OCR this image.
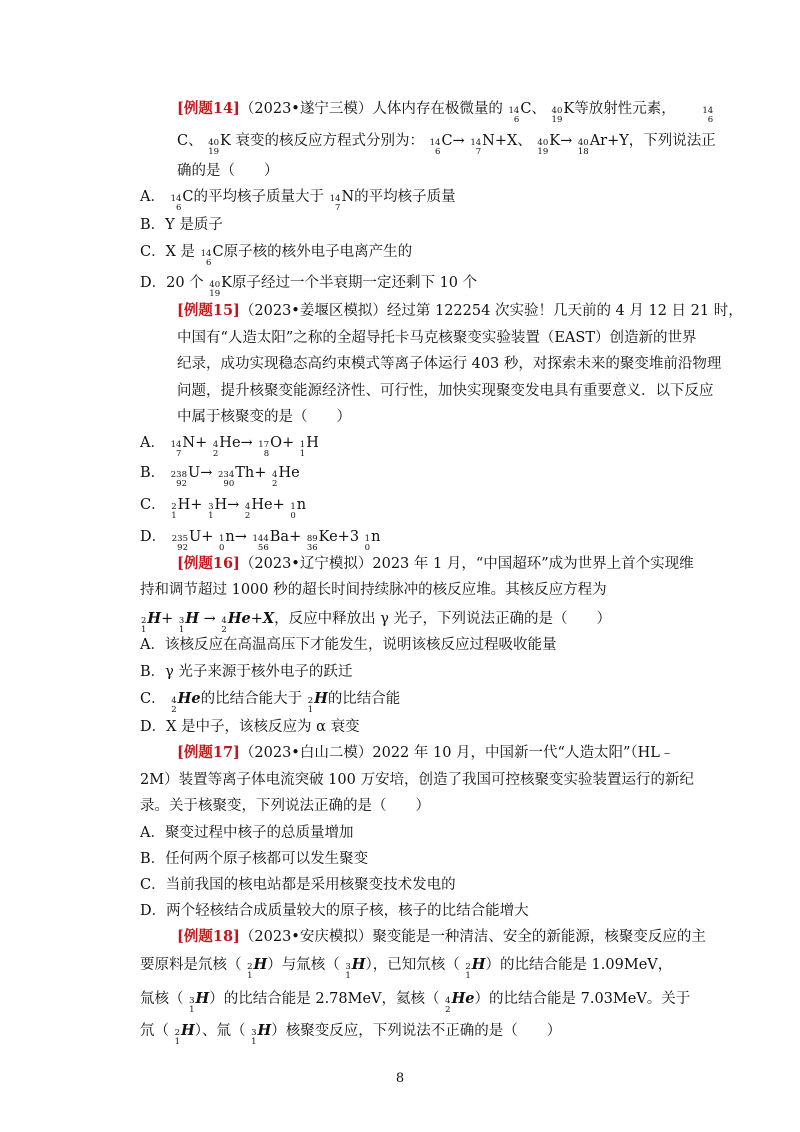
[例题14]（2023•遂宁三模）人体内存在极微量的 14
6
C、 40
19
K等放射性元素，	14
6
C、 40
19
K 衰变的核反应方程式分别为： 14
6
C→ 14
7
N+X、 40
19
K→ 40
18
Ar+Y，下列说法正
确的是（　　）
A． 14
6
C的平均核子质量大于 14
7
N的平均核子质量
B．Y 是质子
C．X 是 14
6
C原子核的核外电子电离产生的
D．20 个 40
19
K原子经过一个半衰期一定还剩下 10 个
[例题15]（2023•姜堰区模拟）经过第 122254 次实验！几天前的 4 月 12 日 21 时，
中国有“人造太阳”之称的全超导托卡马克核聚变实验装置（EAST）创造新的世界
纪录，成功实现稳态高约束模式等离子体运行 403 秒，对探索未来的聚变堆前沿物理
问题，提升核聚变能源经济性、可行性，加快实现聚变发电具有重要意义．以下反应
中属于核聚变的是（　　）
A． 14
7
N+ 4
2
He→ 17
8
O+ 1
1
H
B． 238
92
U→ 234
90
Th+ 4
2
He
C． 2
1
H+ 3
1
H→ 4
2
He+ 1
0
n
D． 235
92
U+ 1
0
n→ 144
56
Ba+ 89
36
Ke+3 1
0
n
[例题16]（2023•辽宁模拟）2023 年 1 月，“中国超环”成为世界上首个实现维
持和调节超过 1000 秒的超长时间持续脉冲的核反应堆。其核反应方程为
2
1
H+ 3
1
H → 4
2
He+X，反应中释放出 γ 光子，下列说法正确的是（　　）
A．该核反应在高温高压下才能发生，说明该核反应过程吸收能量
B．γ 光子来源于核外电子的跃迁
C． 4
2
He的比结合能大于 2
1
H的比结合能
D．X 是中子，该核反应为 α 衰变
[例题17]（2023•白山二模）2022 年 10 月，中国新一代“人造太阳”（HL﹣
2M）装置等离子体电流突破 100 万安培，创造了我国可控核聚变实验装置运行的新纪
录。关于核聚变，下列说法正确的是（　　）
A．聚变过程中核子的总质量增加
B．任何两个原子核都可以发生聚变
C．当前我国的核电站都是采用核聚变技术发电的
D．两个轻核结合成质量较大的原子核，核子的比结合能增大
[例题18]（2023•安庆模拟）聚变能是一种清洁、安全的新能源，核聚变反应的主
要原料是氘核（ 2
1
H）与氚核（ 3
1
H），已知氘核（ 2
1
H）的比结合能是 1.09MeV，
氚核（ 3
1
H）的比结合能是 2.78MeV，氦核（ 4
2
He）的比结合能是 7.03MeV。关于
氘（ 2
1
H）、氚（ 3
1
H）核聚变反应，下列说法不正确的是（　　）
8
